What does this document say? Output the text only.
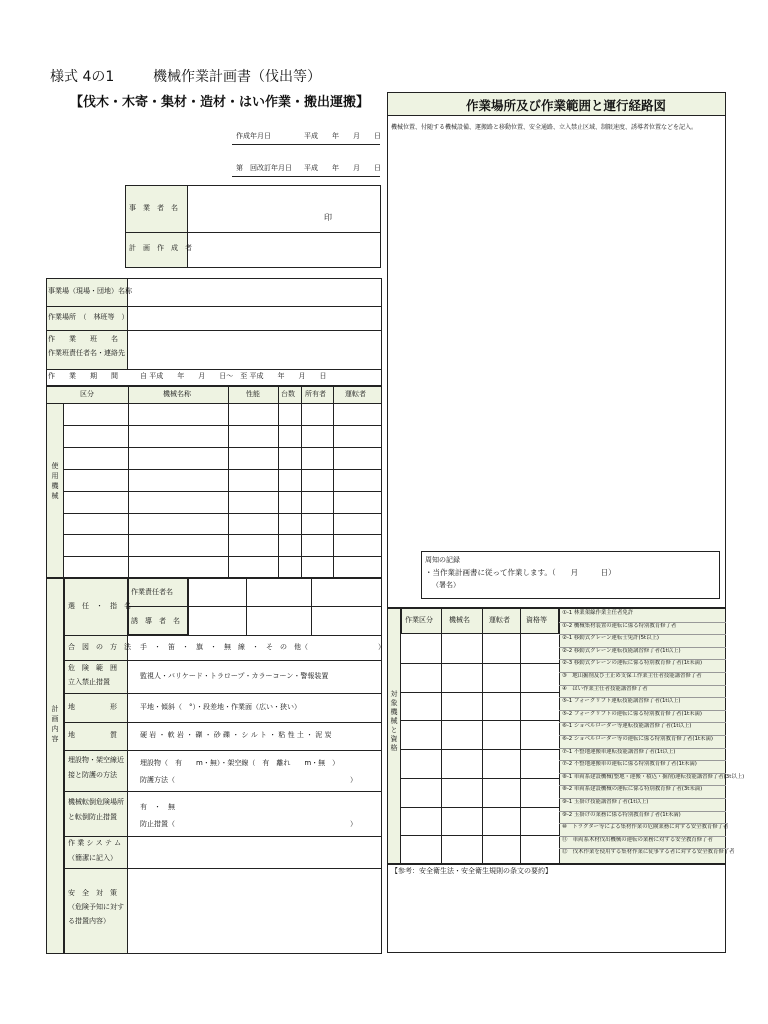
様式 4の1	機械作業計画書（伐出等）
【伐木・木寄・集材・造材・はい作業・搬出運搬】
作成年月日	平成　　年　　月　　日
第　回改訂年月日 平成　　年　　月　　日
事　業　者　名
印
計　画　作　成　者
事業場（現場・団地）名称
作業場所　（　林班等　）
作　　業　　班　　名
作業班責任者名・連絡先
作　　業　　期　　間	自 平成　　年　　月　　日～　至 平成　　年　　月　　日
区分	機械名称	性能	台数 所有者	運転者
使用機械
計画内容
選　任　・　指　名
作業責任者名
誘　導　者　名
合　図　の　方　法 手　・　笛　・　旗　・　無　線　・　そ　の　他（　　　　　　　　　　）
危　険　範　囲
立入禁止措置
監視人・バリケード・トラロープ・カラーコーン・警報装置
地　　　　　形	平地・傾斜（　°）・段差地・作業面（広い・狭い）
地　　　　　質	硬 岩 ・ 軟 岩 ・ 礫 ・ 砂 礫 ・ シ ル ト ・ 粘 性 土 ・ 泥 炭
埋設物・架空線近
接と防護の方法
埋設物（　有　　m・無）・架空線（　有　離れ　　m・無　）
防護方法（　　　　　　　　　　　　　　　　　　　　　　　　　）
機械転倒危険場所
と転倒防止措置
有　・　無
防止措置（　　　　　　　　　　　　　　　　　　　　　　　　　）
作 業 シ ス テ ム
（簡潔に記入）
安　全　対　策
（危険予知に対す
る措置内容）
作業場所及び作業範囲と運行経路図
機械位置、付随する機械設備、運搬路と移動位置、安全通路、立入禁止区域、制限速度、誘導者位置などを記入。
周知の記録
・当作業計画書に従って作業します。（　　月　　　日）
（署名）
対象機械と資格
作業区分 機械名	運転者 資格等
①-1 林業架線作業主任者免許
①-2 機械集材装置の運転に係る特別教育修了者
②-1 移動式クレーン運転士免許(5t以上)
②-2 移動式クレーン運転技能講習修了者(1t以上)
②-3 移動式クレーンの運転に係る特別教育修了者(1t未満)
③　地山掘削及び土止め支保工作業主任者技能講習修了者
④　はい作業主任者技能講習修了者
⑤-1 フォークリフト運転技能講習修了者(1t以上)
⑤-2 フォークリフトの運転に係る特別教育修了者(1t未満)
⑥-1 ショベルローダー等運転技能講習修了者(1t以上)
⑥-2 ショベルローダー等の運転に係る特別教育修了者(1t未満)
⑦-1 不整地運搬車運転技能講習修了者(1t以上)
⑦-2 不整地運搬車の運転に係る特別教育修了者(1t未満)
⑧-1 車両系建設機械(整地・運搬・積込・掘削)運転技能講習修了者(3t以上)
⑧-2 車両系建設機械の運転に係る特別教育修了者(3t未満)
⑨-1 玉掛け技能講習修了者(1t以上)
⑨-2 玉掛けの業務に係る特別教育修了者(1t未満)
⑩　トラクター等による集材作業の危険業務に対する安全教育修了者
⑪　車両系木材伐出機械の運転の業務に対する安全教育修了者
⑫　伐木作業を使用する集材作業に従事する者に対する安全教育修了者
【参考：安全衛生法・安全衛生規則の条文の要約】
